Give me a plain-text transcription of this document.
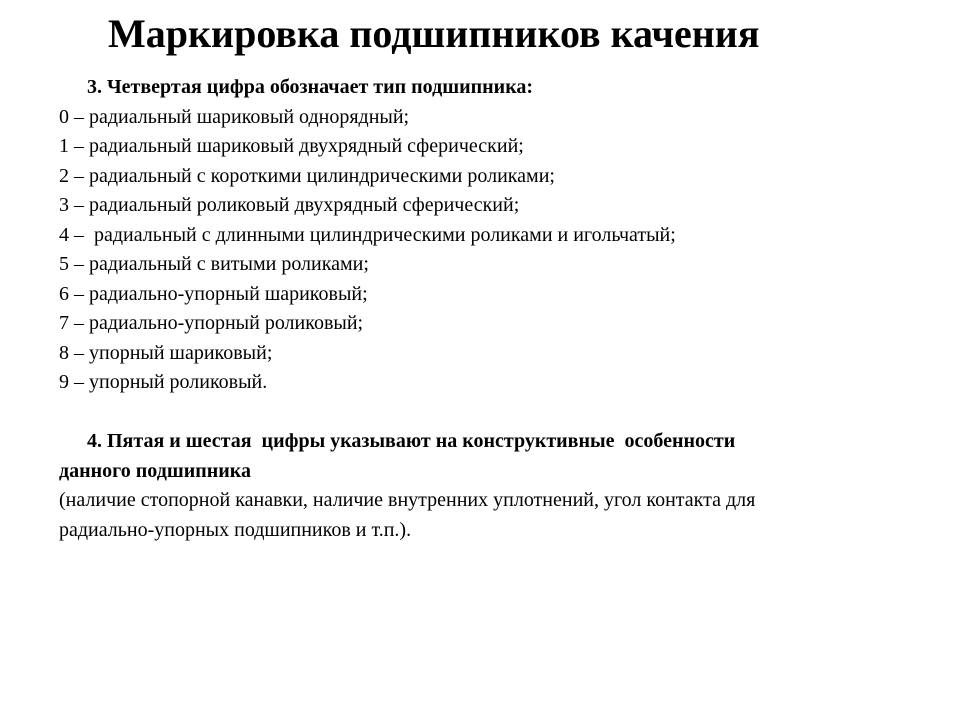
Маркировка подшипников качения

3. Четвертая цифра обозначает тип подшипника:

0 – радиальный шариковый однорядный;

1 – радиальный шариковый двухрядный сферический;

2 – радиальный с короткими цилиндрическими роликами;

3 – радиальный роликовый двухрядный сферический;

4 –  радиальный с длинными цилиндрическими роликами и игольчатый;

5 – радиальный с витыми роликами;

6 – радиально-упорный шариковый;

7 – радиально-упорный роликовый;

8 – упорный шариковый;

9 – упорный роликовый.

4. Пятая и шестая  цифры указывают на конструктивные  особенности

данного подшипника

(наличие стопорной канавки, наличие внутренних уплотнений, угол контакта для

радиально-упорных подшипников и т.п.).
